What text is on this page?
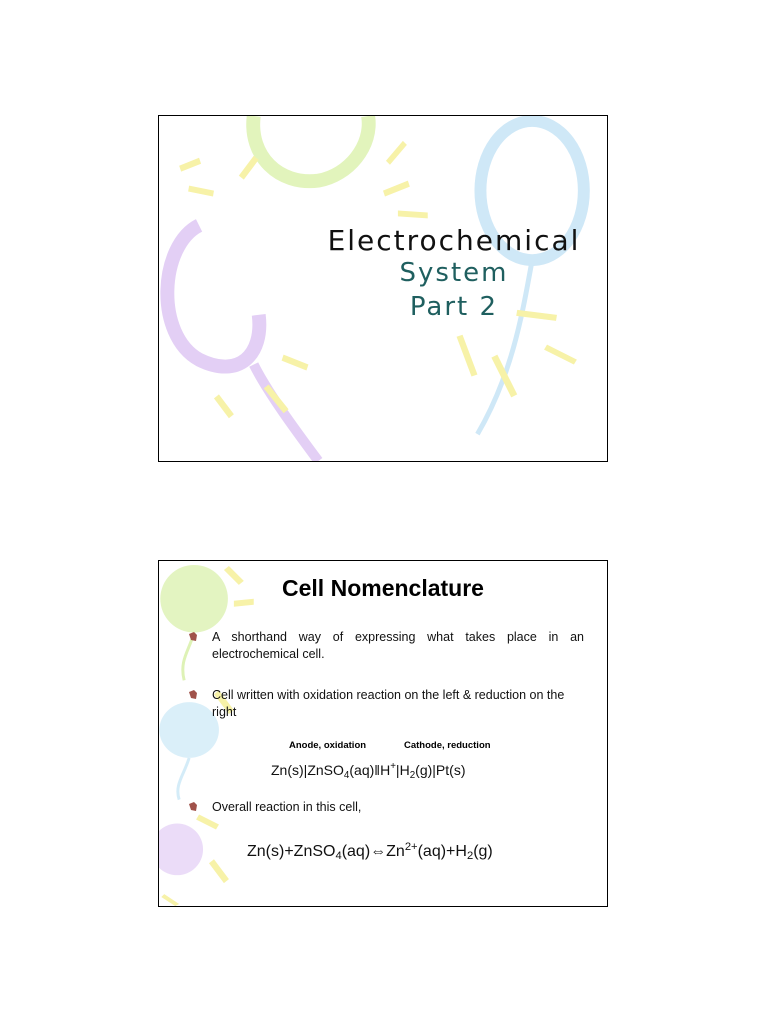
Electrochemical
System
Part 2
Cell Nomenclature
A shorthand way of expressing what takes place in an electrochemical cell.
Cell written with oxidation reaction on the left & reduction on the right
Anode, oxidation	Cathode, reduction
$Zn(s)|ZnSO_4(aq)‖H^+|H_2(g)|Pt(s)$
Overall reaction in this cell,
$Zn(s)+ZnSO_4(aq)\Leftrightarrow Zn^{2+}(aq)+H_2(g)$
